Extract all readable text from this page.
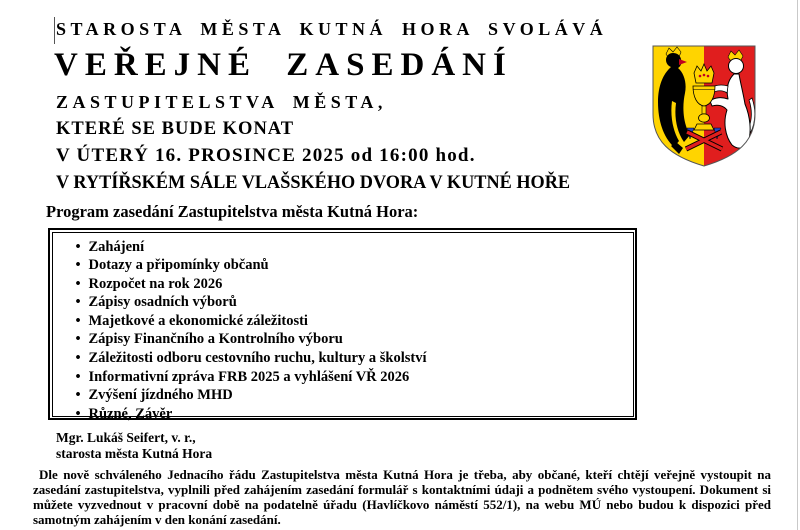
STAROSTA MĚSTA KUTNÁ HORA SVOLÁVÁ
VEŘEJNÉ ZASEDÁNÍ
ZASTUPITELSTVA MĚSTA,
KTERÉ SE BUDE KONAT
V ÚTERÝ 16. PROSINCE 2025 od 16:00 hod.
V RYTÍŘSKÉM SÁLE VLAŠSKÉHO DVORA V KUTNÉ HOŘE
Program zasedání Zastupitelstva města Kutná Hora:
• Zahájení
• Dotazy a připomínky občanů
• Rozpočet na rok 2026
• Zápisy osadních výborů
• Majetkové a ekonomické záležitosti
• Zápisy Finančního a Kontrolního výboru
• Záležitosti odboru cestovního ruchu, kultury a školství
• Informativní zpráva FRB 2025 a vyhlášení VŘ 2026
• Zvýšení jízdného MHD
• Různé, Závěr
Mgr. Lukáš Seifert, v. r.,
starosta města Kutná Hora
Dle nově schváleného Jednacího řádu Zastupitelstva města Kutná Hora je třeba, aby občané, kteří chtějí veřejně vystoupit na zasedání zastupitelstva, vyplnili před zahájením zasedání formulář s kontaktními údaji a podnětem svého vystoupení. Dokument si můžete vyzvednout v pracovní době na podatelně úřadu (Havlíčkovo náměstí 552/1), na webu MÚ nebo budou k dispozici před samotným zahájením v den konání zasedání.
